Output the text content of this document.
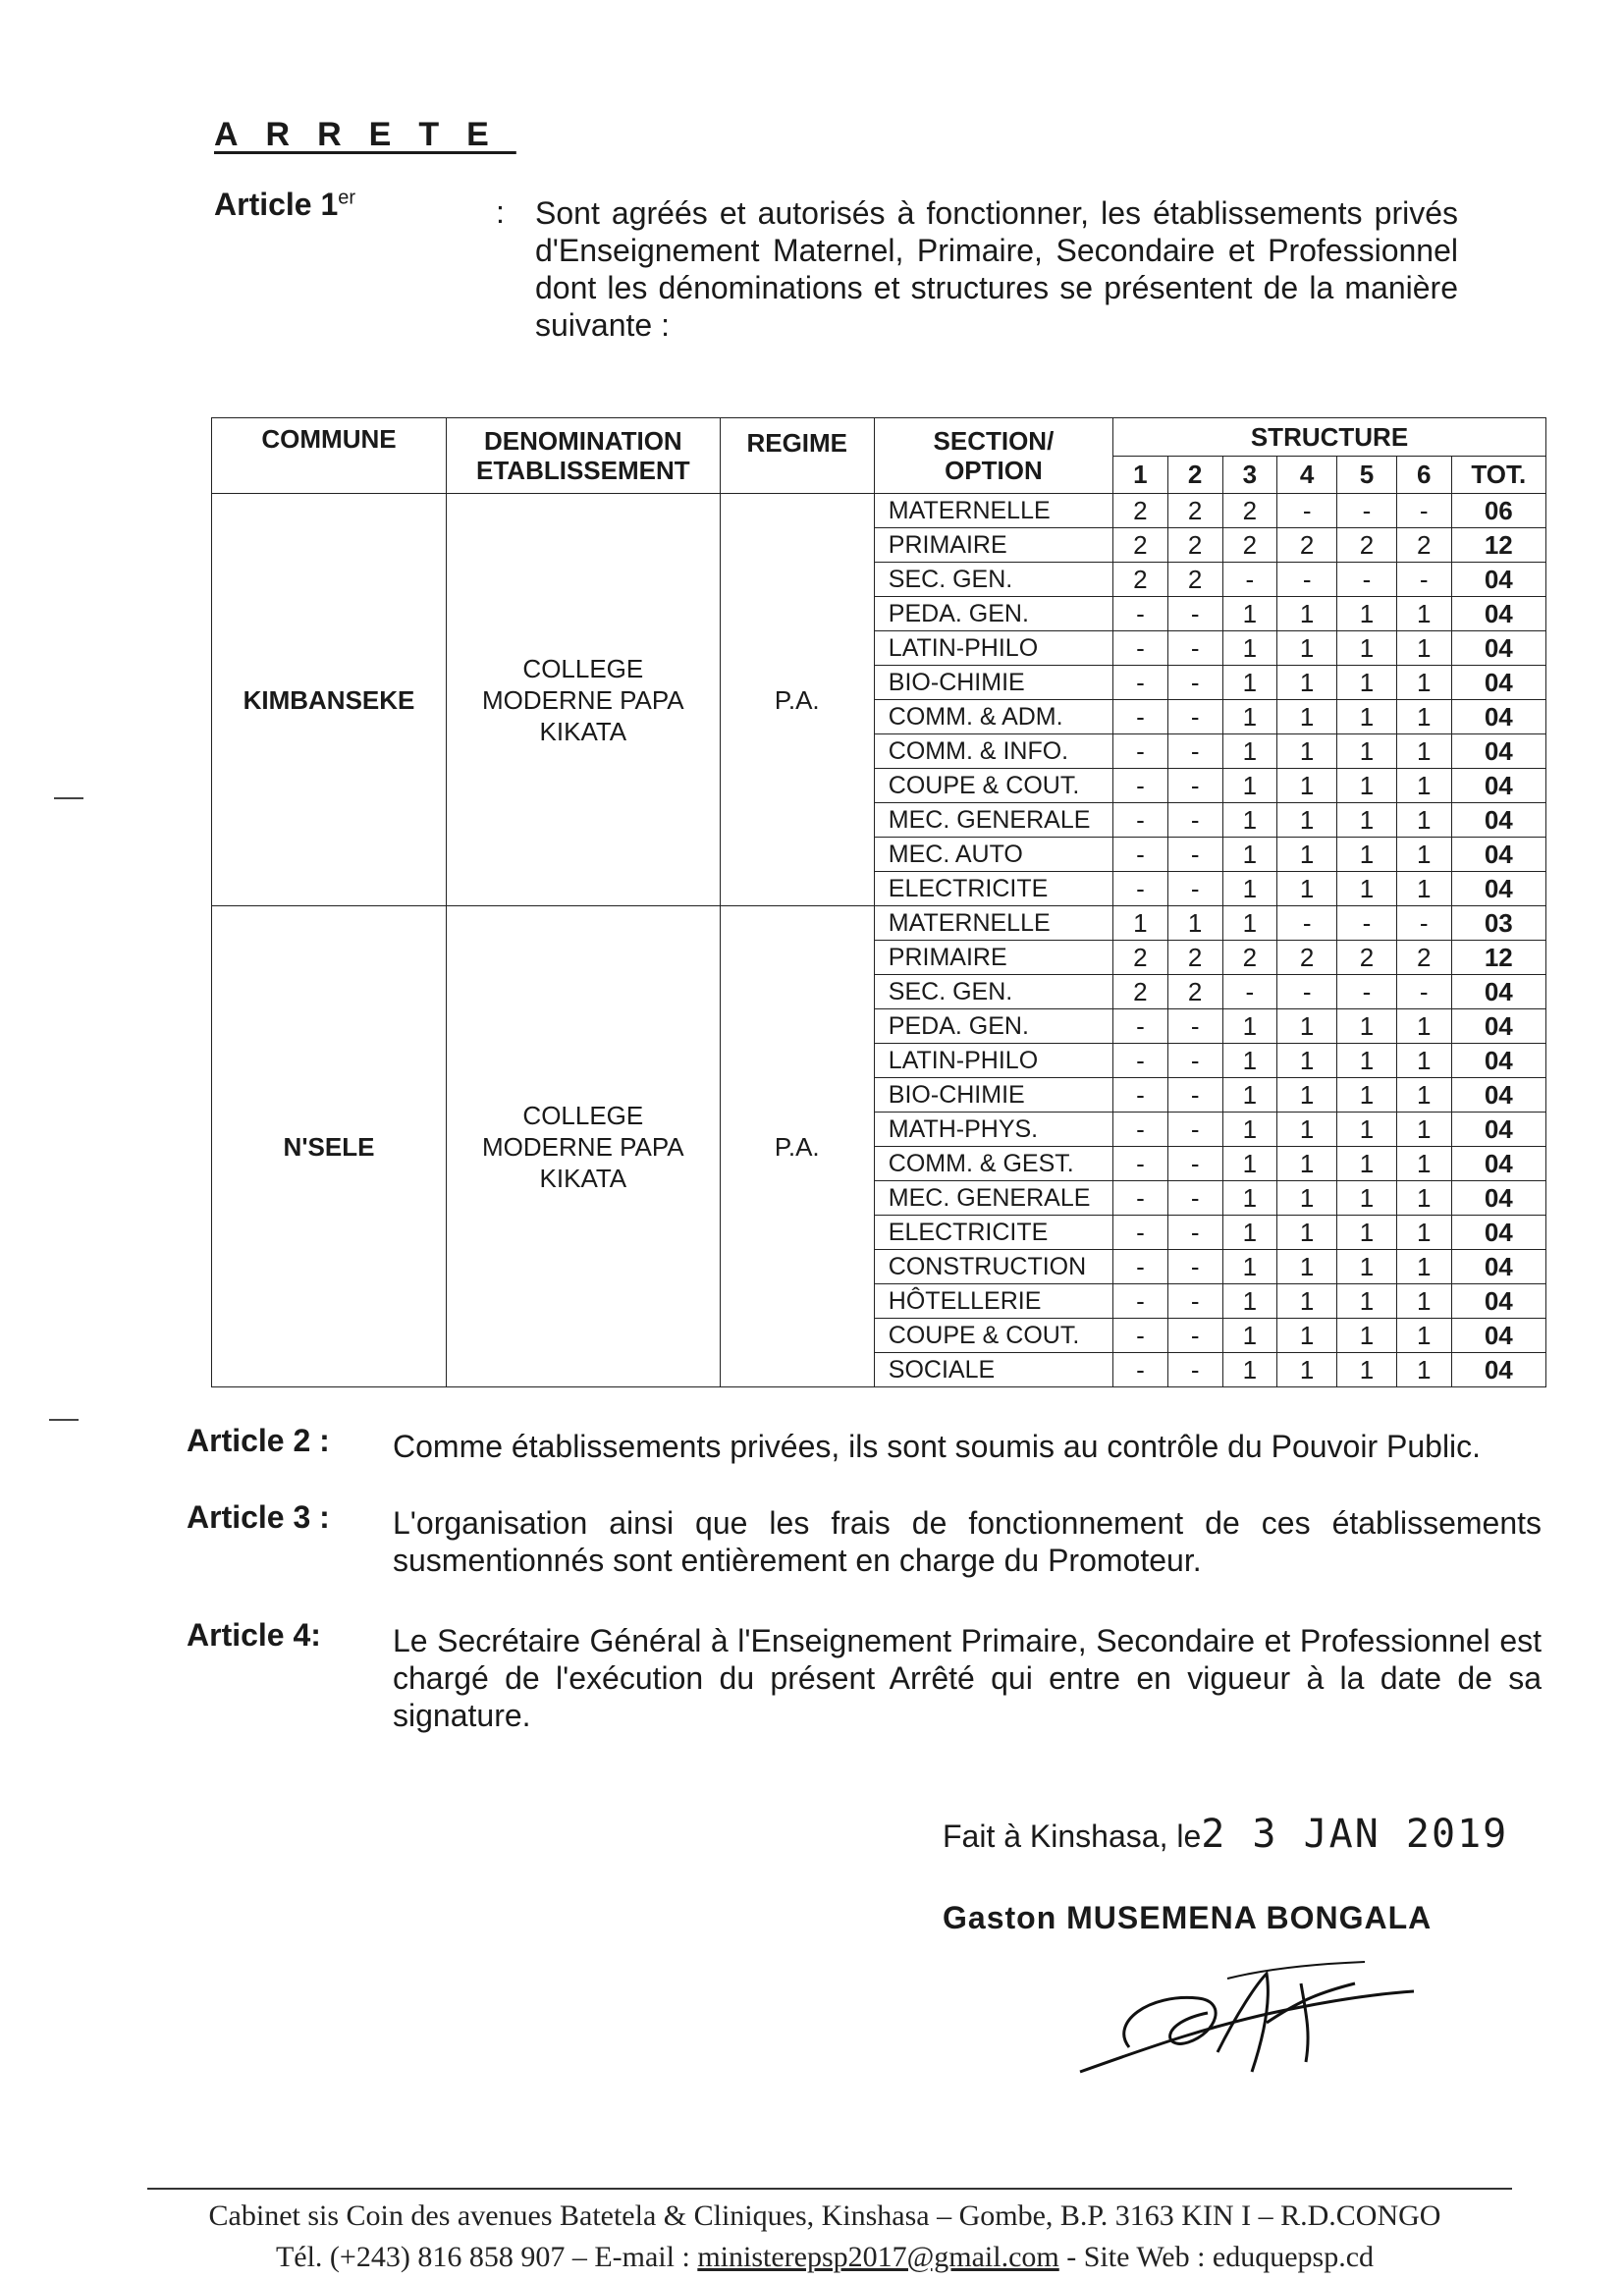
ARRETE
Article 1er	: Sont agréés et autorisés à fonctionner, les établissements privés d'Enseignement Maternel, Primaire, Secondaire et Professionnel dont les dénominations et structures se présentent de la manière suivante :
COMMUNE	DENOMINATION ETABLISSEMENT	REGIME	SECTION/ OPTION	STRUCTURE						
				1	2	3	4	5	6	TOT.

KIMBANSEKE	COLLEGE MODERNE PAPA KIKATA	P.A.	MATERNELLE	2	2	2	-	-	-	06
			PRIMAIRE	2	2	2	2	2	2	12
			SEC. GEN.	2	2	-	-	-	-	04
			PEDA. GEN.	-	-	1	1	1	1	04
			LATIN-PHILO	-	-	1	1	1	1	04
			BIO-CHIMIE	-	-	1	1	1	1	04
			COMM. & ADM.	-	-	1	1	1	1	04
			COMM. & INFO.	-	-	1	1	1	1	04
			COUPE & COUT.	-	-	1	1	1	1	04
			MEC. GENERALE	-	-	1	1	1	1	04
			MEC. AUTO	-	-	1	1	1	1	04
			ELECTRICITE	-	-	1	1	1	1	04

N'SELE	COLLEGE MODERNE PAPA KIKATA	P.A.	MATERNELLE	1	1	1	-	-	-	03
			PRIMAIRE	2	2	2	2	2	2	12
			SEC. GEN.	2	2	-	-	-	-	04
			PEDA. GEN.	-	-	1	1	1	1	04
			LATIN-PHILO	-	-	1	1	1	1	04
			BIO-CHIMIE	-	-	1	1	1	1	04
			MATH-PHYS.	-	-	1	1	1	1	04
			COMM. & GEST.	-	-	1	1	1	1	04
			MEC. GENERALE	-	-	1	1	1	1	04
			ELECTRICITE	-	-	1	1	1	1	04
			CONSTRUCTION	-	-	1	1	1	1	04
			HÔTELLERIE	-	-	1	1	1	1	04
			COUPE & COUT.	-	-	1	1	1	1	04
			SOCIALE	-	-	1	1	1	1	04
Article 2 : Comme établissements privées, ils sont soumis au contrôle du Pouvoir Public.
Article 3 : L'organisation ainsi que les frais de fonctionnement de ces établissements susmentionnés sont entièrement en charge du Promoteur.
Article 4: Le Secrétaire Général à l'Enseignement Primaire, Secondaire et Professionnel est chargé de l'exécution du présent Arrêté qui entre en vigueur à la date de sa signature.
Fait à Kinshasa, le2 3 JAN 2019
Gaston MUSEMENA BONGALA
Cabinet sis Coin des avenues Batetela & Cliniques, Kinshasa – Gombe, B.P. 3163 KIN I – R.D.CONGO
Tél. (+243) 816 858 907 – E-mail : ministerepsp2017@gmail.com - Site Web : eduquepsp.cd
